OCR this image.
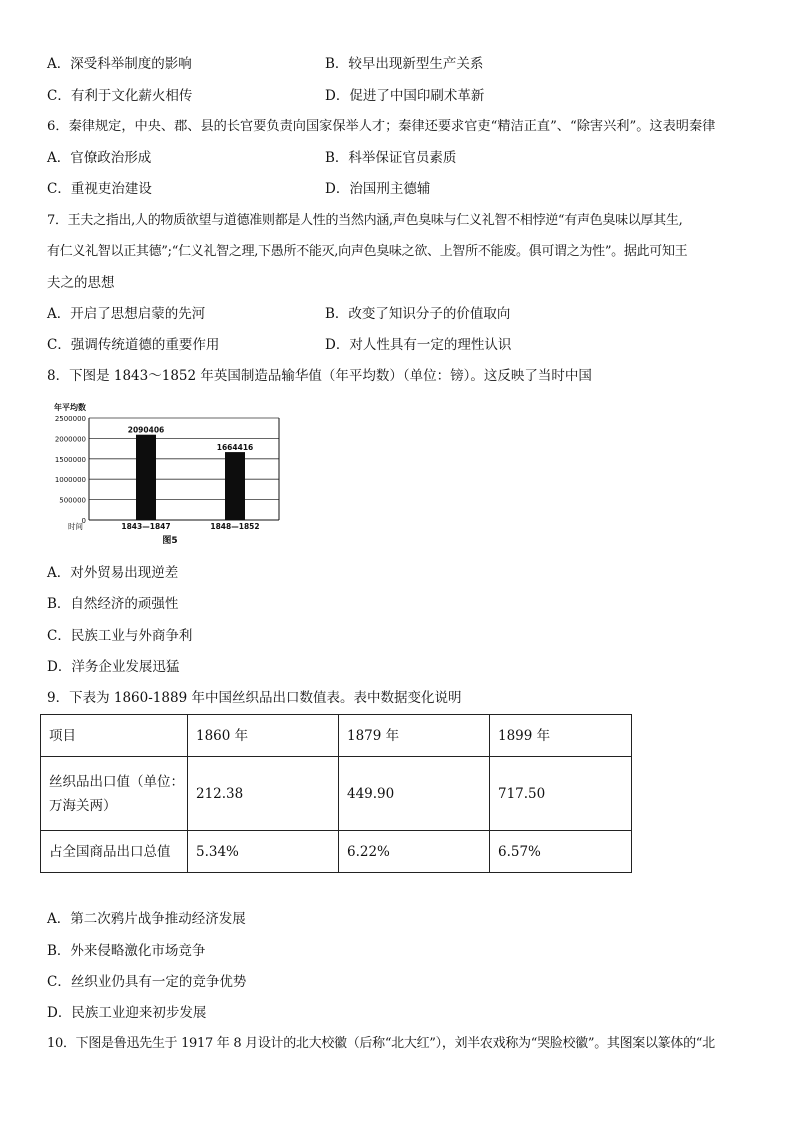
A．深受科举制度的影响	B．较早出现新型生产关系
C．有利于文化薪火相传	D．促进了中国印刷术革新
6．秦律规定，中央、郡、县的长官要负责向国家保举人才；秦律还要求官吏“精洁正直”、“除害兴利”。这表明秦律
A．官僚政治形成	B．科举保证官员素质
C．重视吏治建设	D．治国刑主德辅
7．王夫之指出,人的物质欲望与道德准则都是人性的当然内涵,声色臭味与仁义礼智不相悖逆“有声色臭味以厚其生,
有仁义礼智以正其德”;“仁义礼智之理,下愚所不能灭,向声色臭味之欲、上智所不能废。俱可谓之为性”。据此可知王
夫之的思想
A．开启了思想启蒙的先河	B．改变了知识分子的价值取向
C．强调传统道德的重要作用	D．对人性具有一定的理性认识
8．下图是 1843～1852 年英国制造品输华值（年平均数）（单位：镑）。这反映了当时中国
年平均数
0
500000
1000000
1500000
2000000
2500000
2090406
1843—1847
1664416
1848—1852
时间
图5
A．对外贸易出现逆差
B．自然经济的顽强性
C．民族工业与外商争利
D．洋务企业发展迅猛
9．下表为 1860-1889 年中国丝织品出口数值表。表中数据变化说明
项目	1860 年	1879 年	1899 年

丝织品出口值（单位：
万海关两）	212.38	449.90	717.50
占全国商品出口总值	5.34%	6.22%	6.57%
A．第二次鸦片战争推动经济发展
B．外来侵略激化市场竞争
C．丝织业仍具有一定的竞争优势
D．民族工业迎来初步发展
10．下图是鲁迅先生于 1917 年 8 月设计的北大校徽（后称“北大红”），刘半农戏称为“哭脸校徽”。其图案以篆体的“北
